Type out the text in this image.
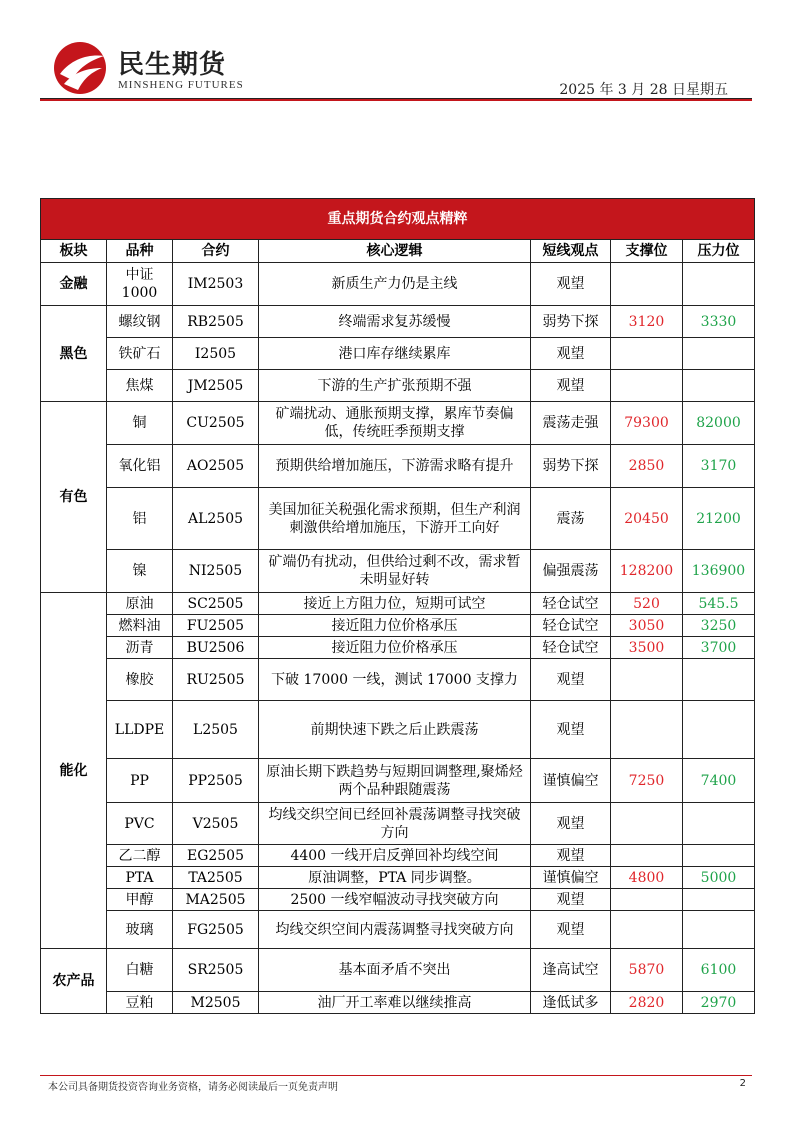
民生期货
MINSHENG FUTURES	2025 年 3 月 28 日星期五
重点期货合约观点精粹						
板块	品种	合约	核心逻辑	短线观点	支撑位	压力位
金融	中证1000	IM2503	新质生产力仍是主线	观望		
黑色	螺纹钢	RB2505	终端需求复苏缓慢	弱势下探	3120	3330
	铁矿石	I2505	港口库存继续累库	观望		
	焦煤	JM2505	下游的生产扩张预期不强	观望		
有色	铜	CU2505	矿端扰动、通胀预期支撑，累库节奏偏低，传统旺季预期支撑	震荡走强	79300	82000
	氧化铝	AO2505	预期供给增加施压，下游需求略有提升	弱势下探	2850	3170
	铝	AL2505	美国加征关税强化需求预期，但生产利润刺激供给增加施压，下游开工向好	震荡	20450	21200
	镍	NI2505	矿端仍有扰动，但供给过剩不改，需求暂未明显好转	偏强震荡	128200	136900
能化	原油	SC2505	接近上方阻力位，短期可试空	轻仓试空	520	545.5
	燃料油	FU2505	接近阻力位价格承压	轻仓试空	3050	3250
	沥青	BU2506	接近阻力位价格承压	轻仓试空	3500	3700
	橡胶	RU2505	下破 17000 一线，测试 17000 支撑力	观望		
	LLDPE	L2505	前期快速下跌之后止跌震荡	观望		
	PP	PP2505	原油长期下跌趋势与短期回调整理,聚烯烃两个品种跟随震荡	谨慎偏空	7250	7400
	PVC	V2505	均线交织空间已经回补震荡调整寻找突破方向	观望		
	乙二醇	EG2505	4400 一线开启反弹回补均线空间	观望		
	PTA	TA2505	原油调整，PTA 同步调整。	谨慎偏空	4800	5000
	甲醇	MA2505	2500 一线窄幅波动寻找突破方向	观望		
	玻璃	FG2505	均线交织空间内震荡调整寻找突破方向	观望		
农产品	白糖	SR2505	基本面矛盾不突出	逢高试空	5870	6100
	豆粕	M2505	油厂开工率难以继续推高	逢低试多	2820	2970
本公司具备期货投资咨询业务资格，请务必阅读最后一页免责声明	2
